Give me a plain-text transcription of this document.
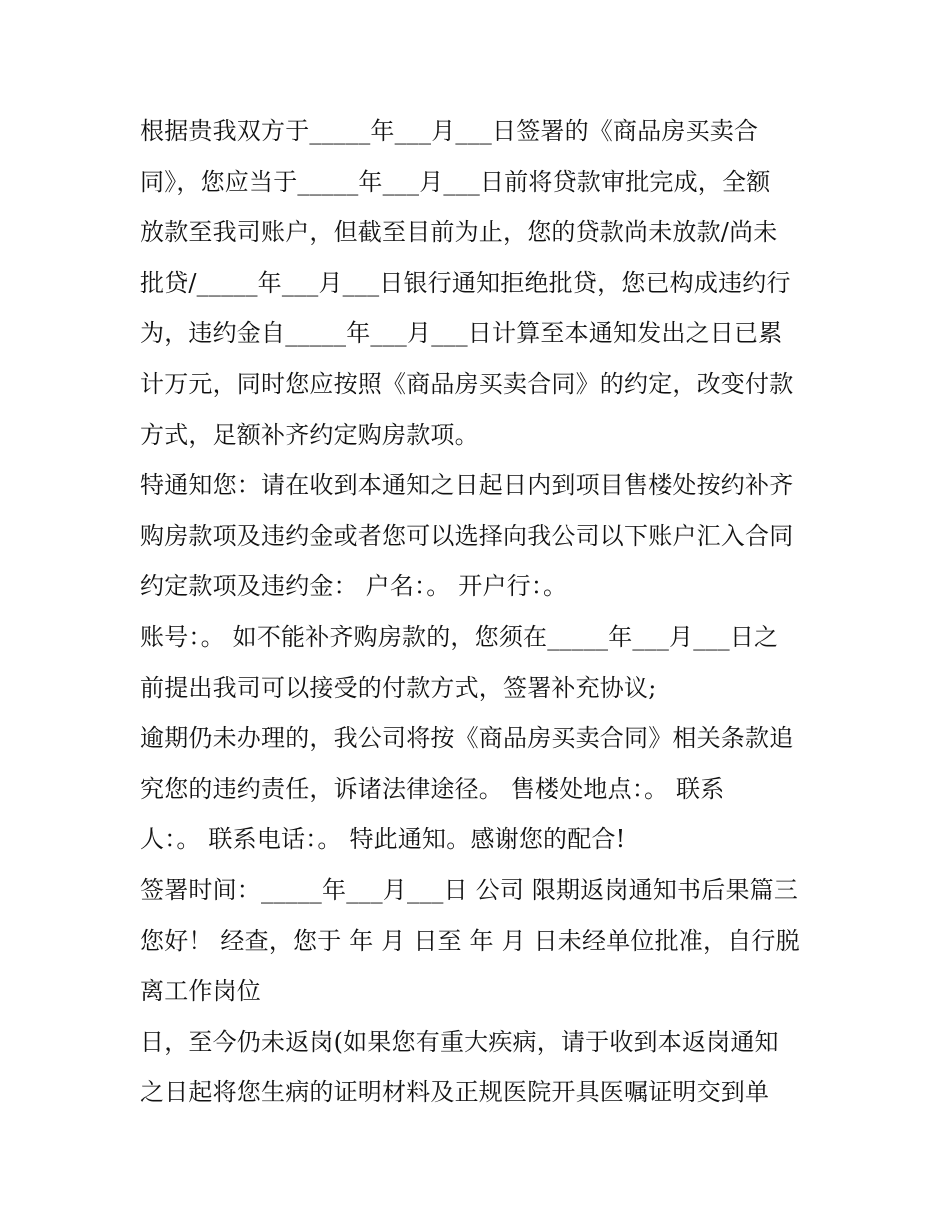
根据贵我双方于_____年___月___日签署的《商品房买卖合
同》，您应当于_____年___月___日前将贷款审批完成，全额
放款至我司账户，但截至目前为止，您的贷款尚未放款/尚未
批贷/_____年___月___日银行通知拒绝批贷，您已构成违约行
为，违约金自_____年___月___日计算至本通知发出之日已累
计万元，同时您应按照《商品房买卖合同》的约定，改变付款
方式，足额补齐约定购房款项。
特通知您：请在收到本通知之日起日内到项目售楼处按约补齐
购房款项及违约金或者您可以选择向我公司以下账户汇入合同
约定款项及违约金： 户名：。 开户行：。
账号：。 如不能补齐购房款的，您须在_____年___月___日之
前提出我司可以接受的付款方式，签署补充协议;
逾期仍未办理的，我公司将按《商品房买卖合同》相关条款追
究您的违约责任，诉诸法律途径。 售楼处地点：。 联系
人：。 联系电话：。 特此通知。感谢您的配合!
签署时间：_____年___月___日 公司 限期返岗通知书后果篇三
您好！ 经查，您于 年 月 日至 年 月 日未经单位批准，自行脱
离工作岗位
日，至今仍未返岗(如果您有重大疾病，请于收到本返岗通知
之日起将您生病的证明材料及正规医院开具医嘱证明交到单
